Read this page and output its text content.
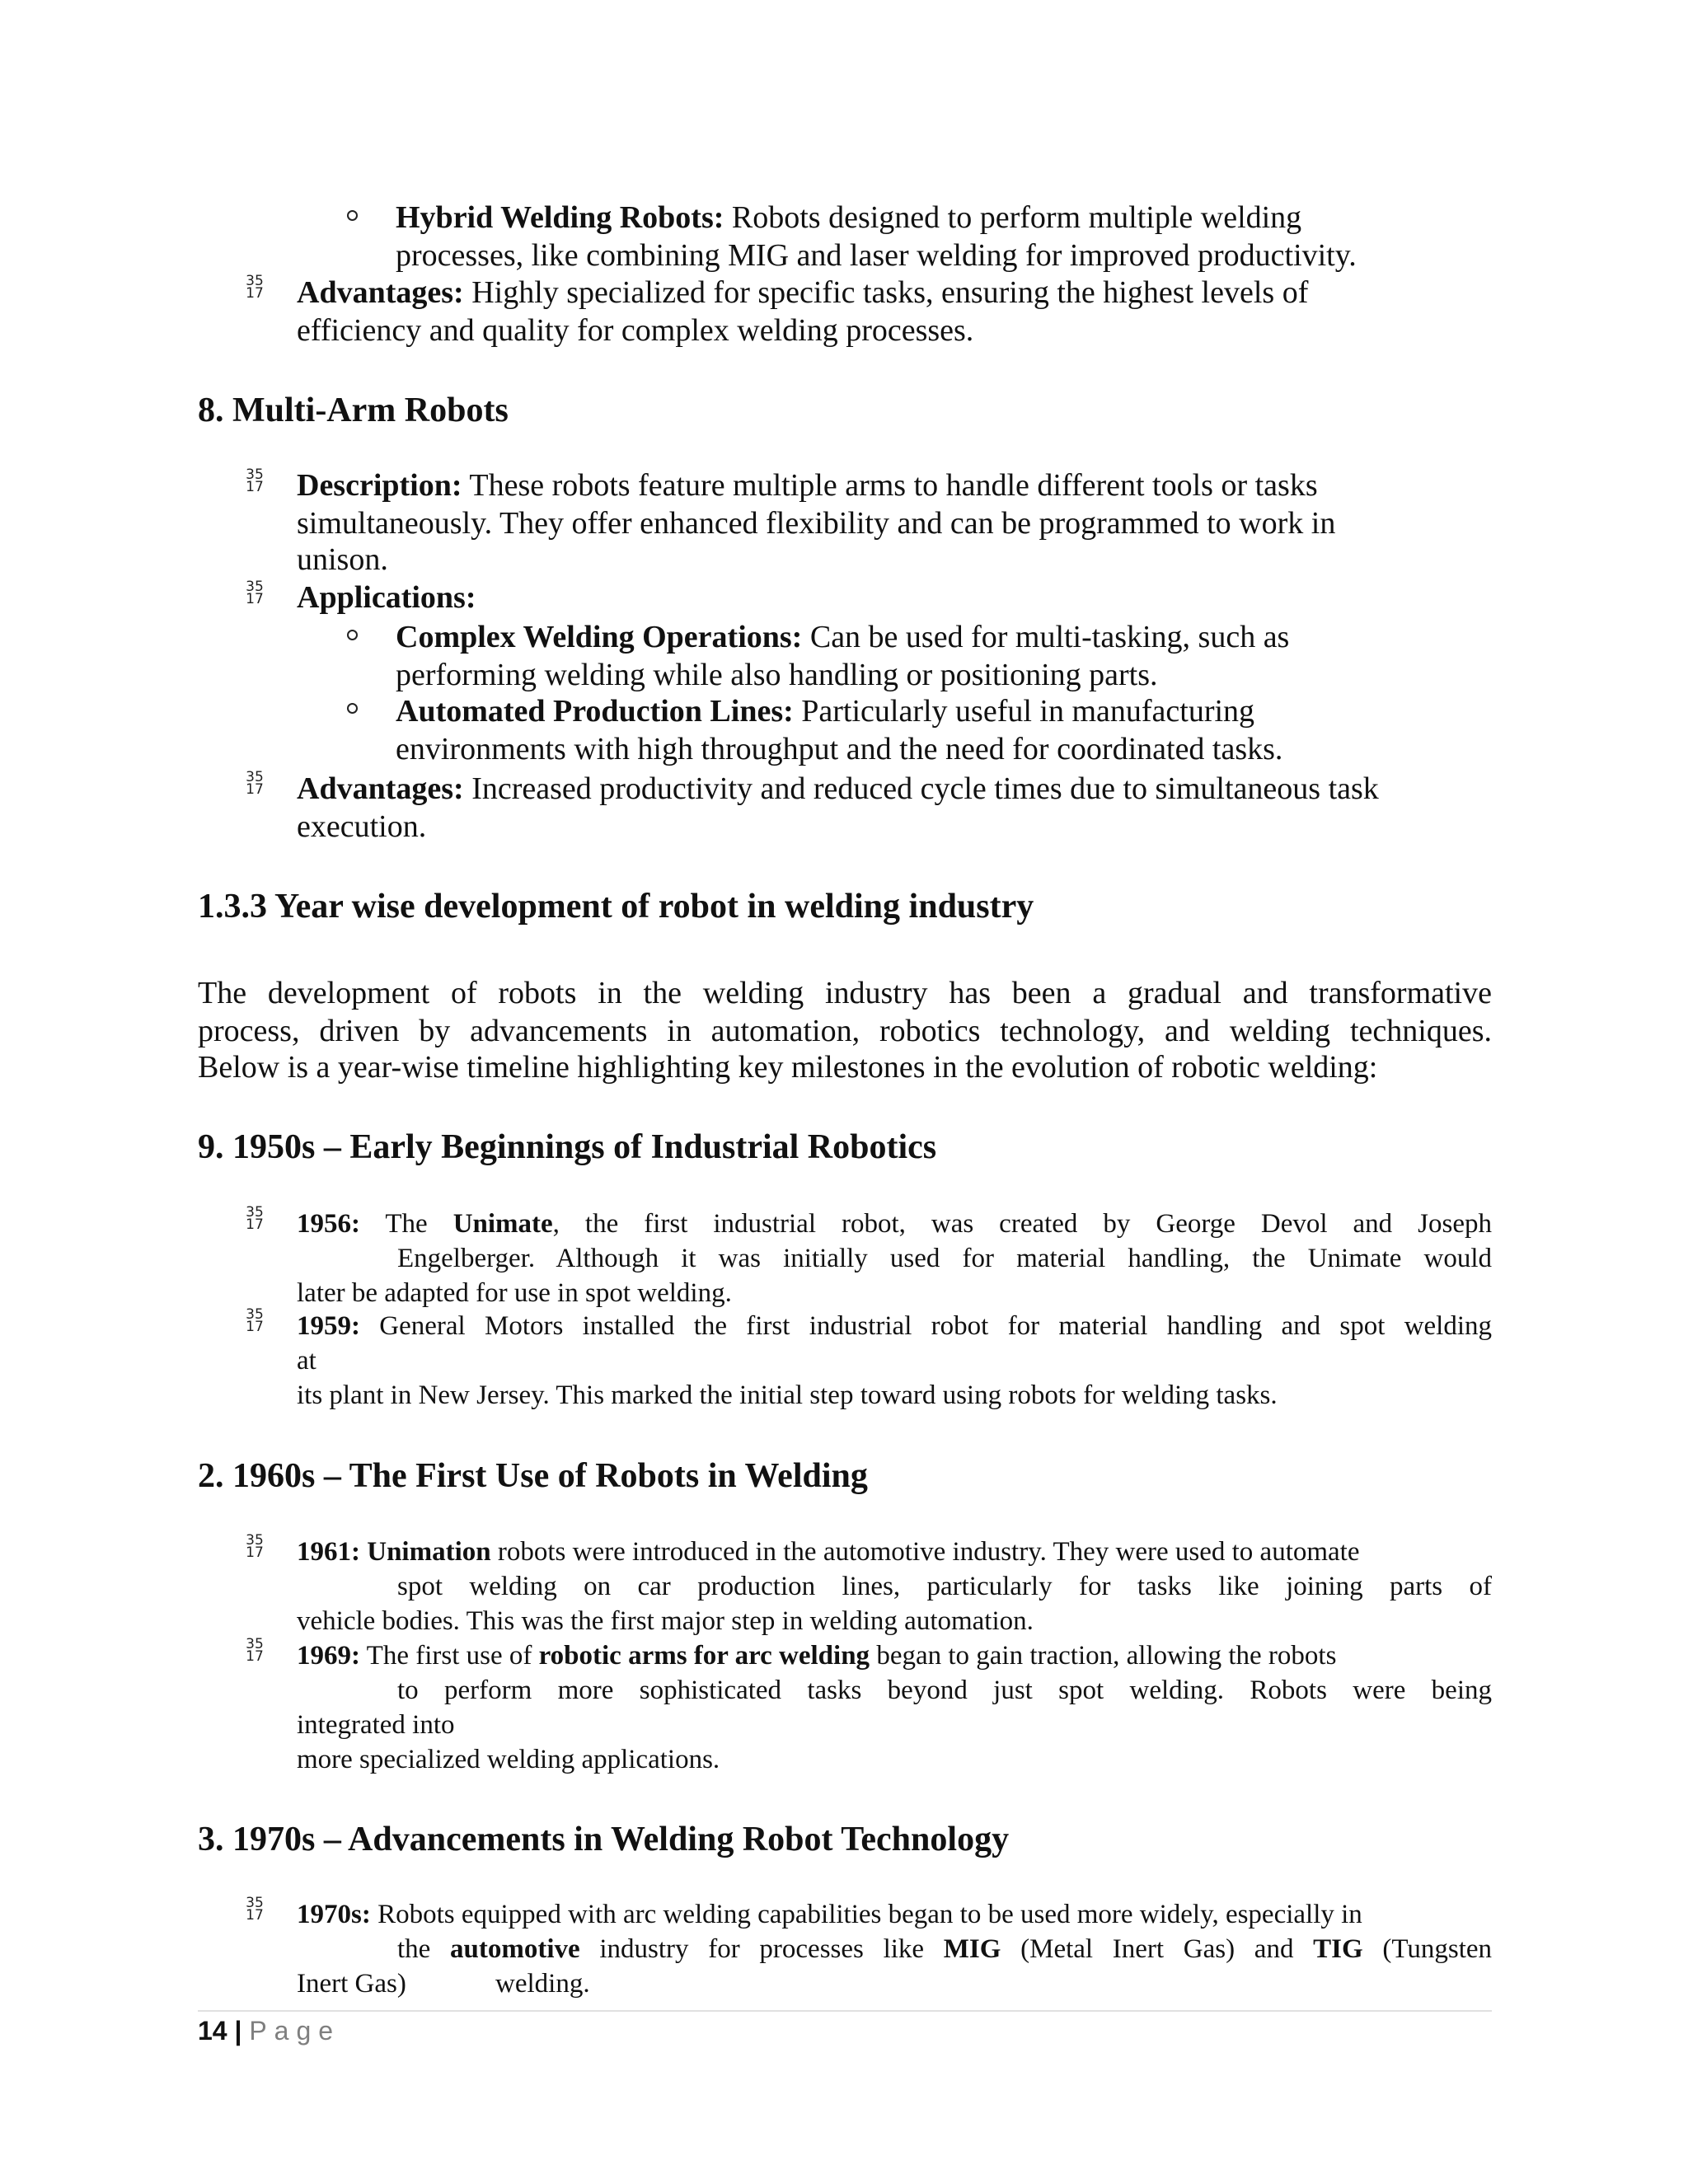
Hybrid Welding Robots: Robots designed to perform multiple welding
processes, like combining MIG and laser welding for improved productivity.
35
17 Advantages: Highly specialized for specific tasks, ensuring the highest levels of
efficiency and quality for complex welding processes.
8. Multi-Arm Robots
35
17 Description: These robots feature multiple arms to handle different tools or tasks
simultaneously. They offer enhanced flexibility and can be programmed to work in
unison.
35
17 Applications:
Complex Welding Operations: Can be used for multi-tasking, such as
performing welding while also handling or positioning parts.
Automated Production Lines: Particularly useful in manufacturing
environments with high throughput and the need for coordinated tasks.
35
17 Advantages: Increased productivity and reduced cycle times due to simultaneous task
execution.
1.3.3 Year wise development of robot in welding industry
The development of robots in the welding industry has been a gradual and transformative
process, driven by advancements in automation, robotics technology, and welding techniques.
Below is a year-wise timeline highlighting key milestones in the evolution of robotic welding:
9. 1950s – Early Beginnings of Industrial Robotics
35
17 1956: The Unimate, the first industrial robot, was created by George Devol and Joseph
Engelberger. Although it was initially used for material handling, the Unimate would
later be adapted for use in spot welding.
35
17 1959: General Motors installed the first industrial robot for material handling and spot welding
at
its plant in New Jersey. This marked the initial step toward using robots for welding tasks.
2. 1960s – The First Use of Robots in Welding
35
17 1961: Unimation robots were introduced in the automotive industry. They were used to automate
spot welding on car production lines, particularly for tasks like joining parts of
vehicle bodies. This was the first major step in welding automation.
35
17 1969: The first use of robotic arms for arc welding began to gain traction, allowing the robots
to perform more sophisticated tasks beyond just spot welding. Robots were being
integrated into
more specialized welding applications.
3. 1970s – Advancements in Welding Robot Technology
35
17 1970s: Robots equipped with arc welding capabilities began to be used more widely, especially in
the automotive industry for processes like MIG (Metal Inert Gas) and TIG (Tungsten
Inert Gas)	welding.
14 | Page
